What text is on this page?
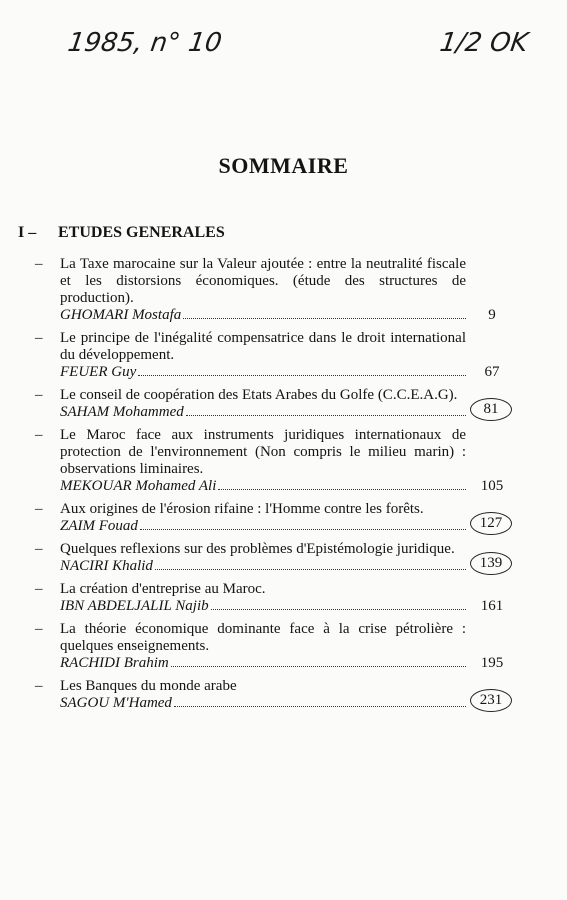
1985, n° 10	1/2 OK
SOMMAIRE
I – ETUDES GENERALES
– La Taxe marocaine sur la Valeur ajoutée : entre la neutralité fiscale et les distorsions économiques. (étude des structures de production).
GHOMARI Mostafa	9
– Le principe de l'inégalité compensatrice dans le droit international du développement.
FEUER Guy	67
– Le conseil de coopération des Etats Arabes du Golfe (C.C.E.A.G).
SAHAM Mohammed	81
– Le Maroc face aux instruments juridiques internationaux de protection de l'environnement (Non compris le milieu marin) : observations liminaires.
MEKOUAR Mohamed Ali	105
– Aux origines de l'érosion rifaine : l'Homme contre les forêts.
ZAIM Fouad	127
– Quelques reflexions sur des problèmes d'Epistémologie juridique.
NACIRI Khalid	139
– La création d'entreprise au Maroc.
IBN ABDELJALIL Najib	161
– La théorie économique dominante face à la crise pétrolière : quelques enseignements.
RACHIDI Brahim	195
– Les Banques du monde arabe
SAGOU M'Hamed	231
